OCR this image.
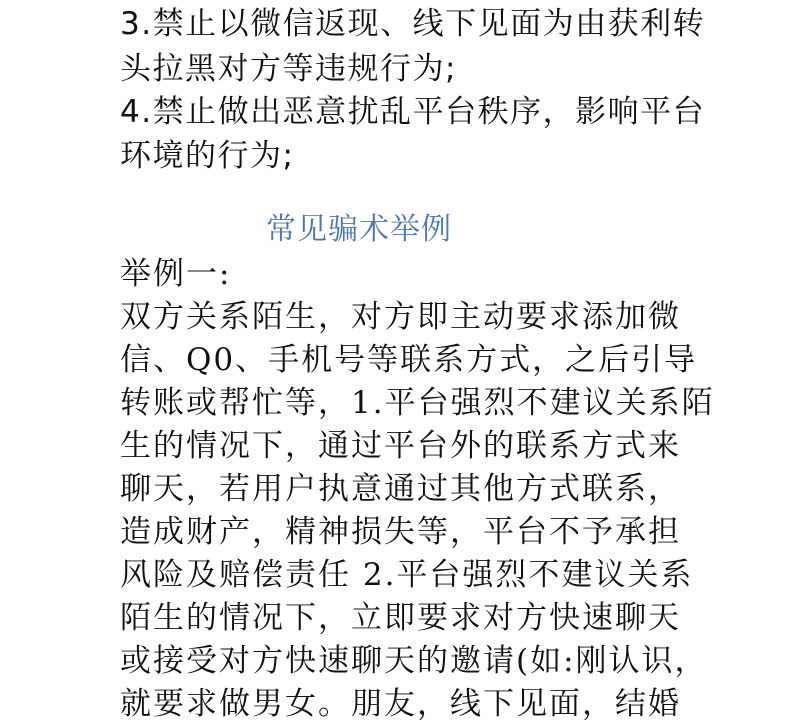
3.禁止以微信返现、线下见面为由获利转
头拉黑对方等违规行为;
4.禁止做出恶意扰乱平台秩序，影响平台
环境的行为;
常见骗术举例
举例一:
双方关系陌生，对方即主动要求添加微
信、Q0、手机号等联系方式，之后引导
转账或帮忙等，1.平台强烈不建议关系陌
生的情况下，通过平台外的联系方式来
聊天，若用户执意通过其他方式联系，
造成财产，精神损失等，平台不予承担
风险及赔偿责任 2.平台强烈不建议关系
陌生的情况下，立即要求对方快速聊天
或接受对方快速聊天的邀请(如:刚认识，
就要求做男女。朋友，线下见面，结婚
